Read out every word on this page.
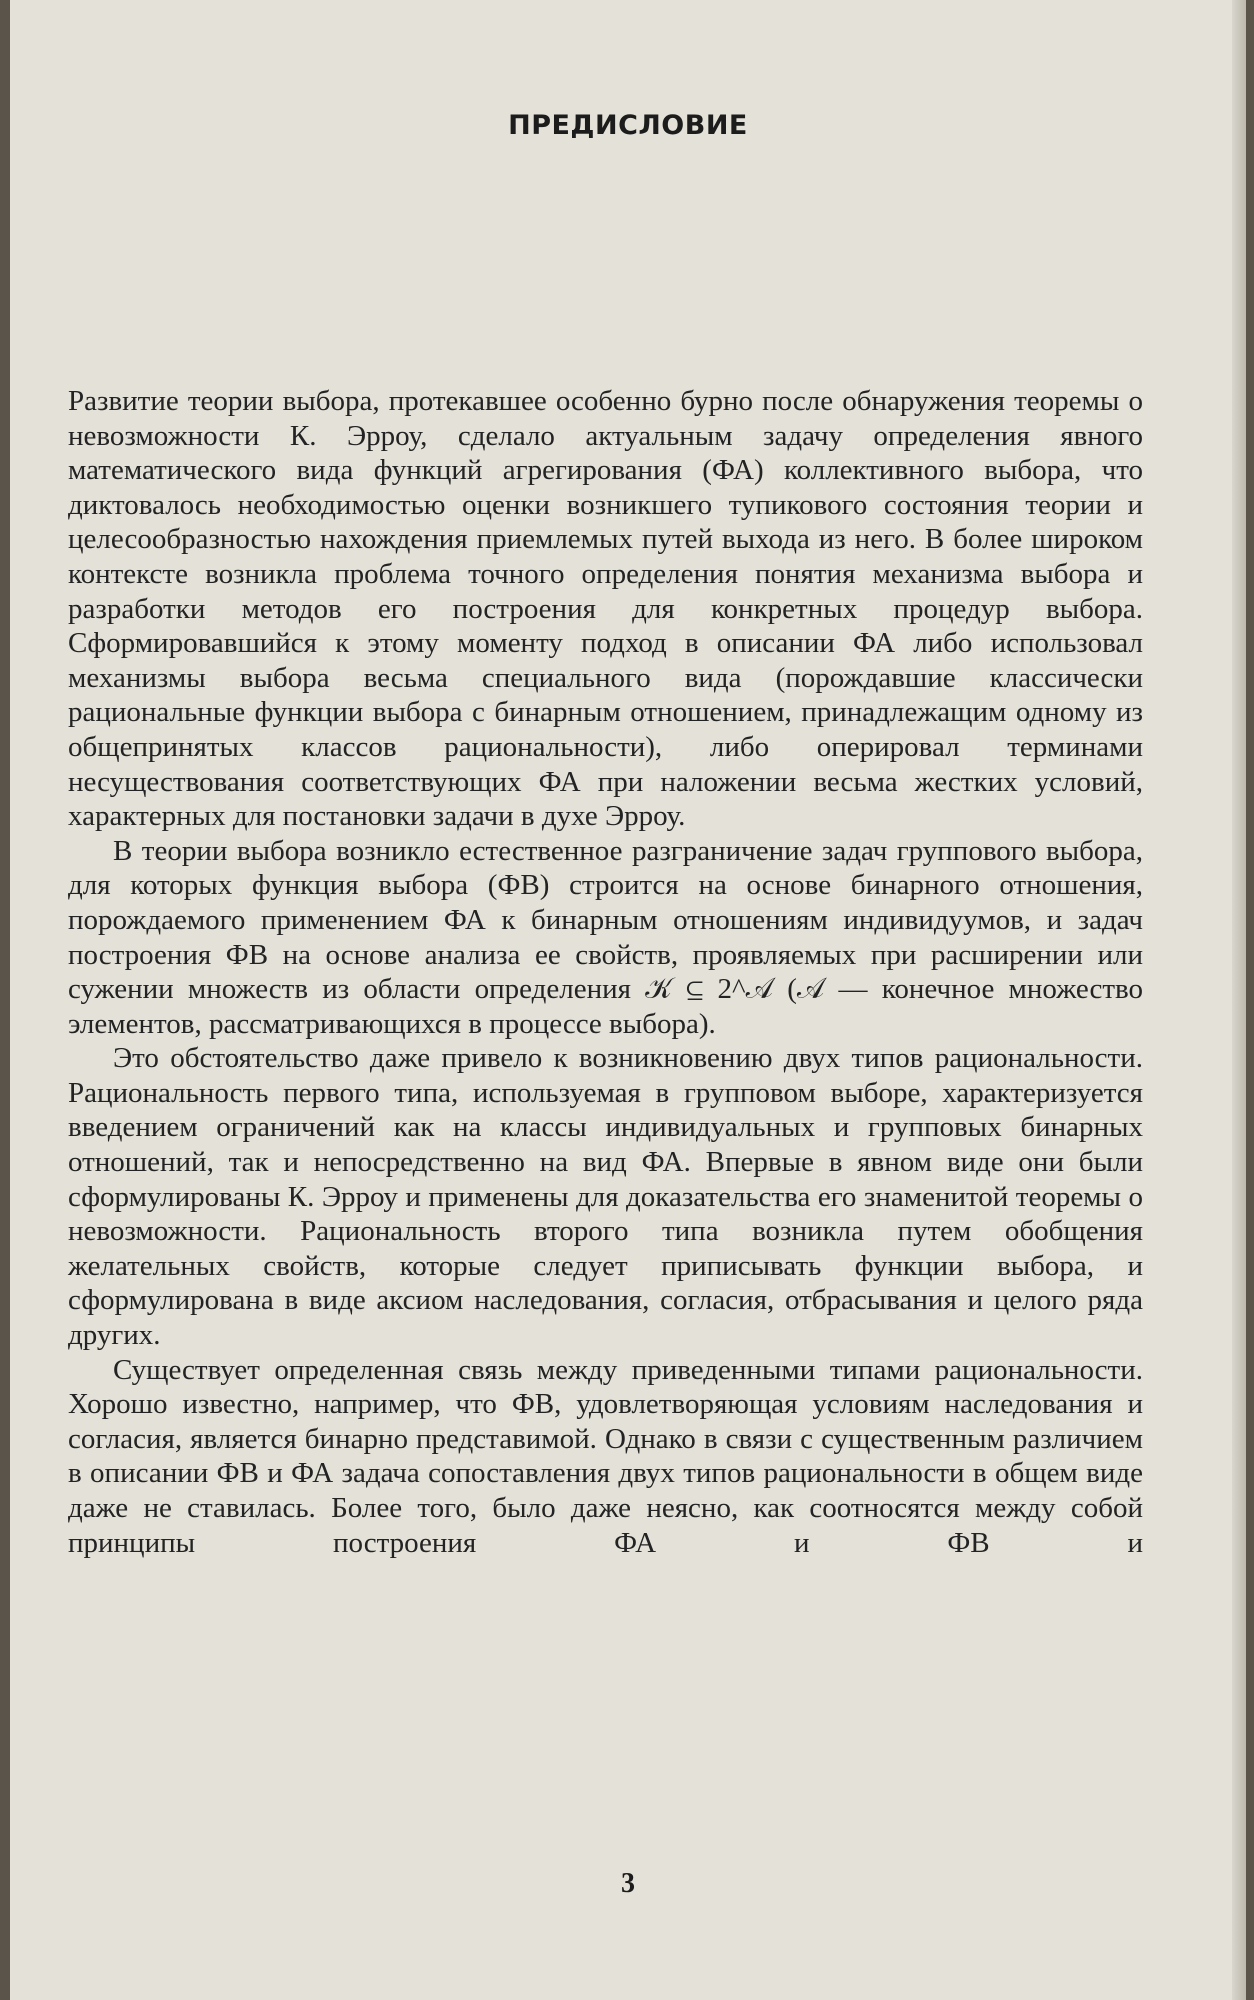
ПРЕДИСЛОВИЕ

Развитие теории выбора, протекавшее особенно бурно после обнаружения теоремы о невозможности К. Эрроу, сделало актуальным задачу определения явного математического вида функций агрегирования (ФА) коллективного выбора, что диктовалось необходимостью оценки возникшего тупикового состояния теории и целесообразностью нахождения приемлемых путей выхода из него. В более широком контексте возникла проблема точного определения понятия механизма выбора и разработки методов его построения для конкретных процедур выбора. Сформировавшийся к этому моменту подход в описании ФА либо использовал механизмы выбора весьма специального вида (порождавшие классически рациональные функции выбора с бинарным отношением, принадлежащим одному из общепринятых классов рациональности), либо оперировал терминами несуществования соответствующих ФА при наложении весьма жестких условий, характерных для постановки задачи в духе Эрроу.

В теории выбора возникло естественное разграничение задач группового выбора, для которых функция выбора (ФВ) строится на основе бинарного отношения, порождаемого применением ФА к бинарным отношениям индивидуумов, и задач построения ФВ на основе анализа ее свойств, проявляемых при расширении или сужении множеств из области определения 𝒦 ⊆ 2^𝒜 (𝒜 — конечное множество элементов, рассматривающихся в процессе выбора).

Это обстоятельство даже привело к возникновению двух типов рациональности. Рациональность первого типа, используемая в групповом выборе, характеризуется введением ограничений как на классы индивидуальных и групповых бинарных отношений, так и непосредственно на вид ФА. Впервые в явном виде они были сформулированы К. Эрроу и применены для доказательства его знаменитой теоремы о невозможности. Рациональность второго типа возникла путем обобщения желательных свойств, которые следует приписывать функции выбора, и сформулирована в виде аксиом наследования, согласия, отбрасывания и целого ряда других.

Существует определенная связь между приведенными типами рациональности. Хорошо известно, например, что ФВ, удовлетворяющая условиям наследования и согласия, является бинарно представимой. Однако в связи с существенным различием в описании ФВ и ФА задача сопоставления двух типов рациональности в общем виде даже не ставилась. Более того, было даже неясно, как соотносятся между собой принципы построения ФА и ФВ и

3
